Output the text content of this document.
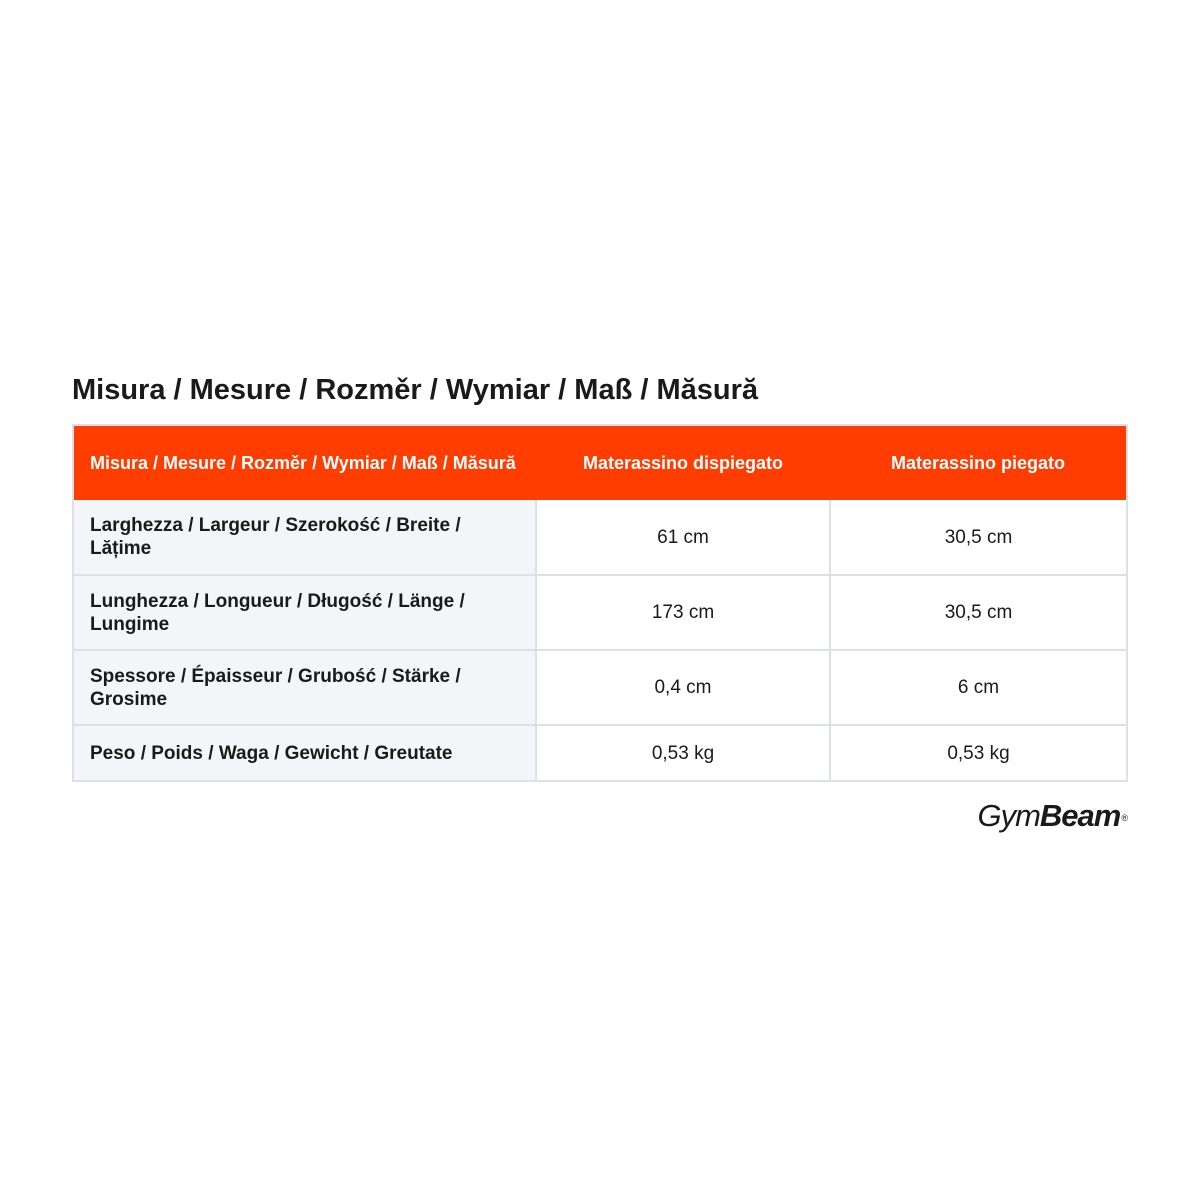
Misura / Mesure / Rozměr / Wymiar / Maß / Măsură
Misura / Mesure / Rozměr / Wymiar / Maß / Măsură	Materassino dispiegato	Materassino piegato
Larghezza / Largeur / Szerokość / Breite / Lățime	61 cm	30,5 cm
Lunghezza / Longueur / Długość / Länge / Lungime	173 cm	30,5 cm
Spessore / Épaisseur / Grubość / Stärke / Grosime	0,4 cm	6 cm
Peso / Poids / Waga / Gewicht / Greutate	0,53 kg	0,53 kg
GymBeam®
